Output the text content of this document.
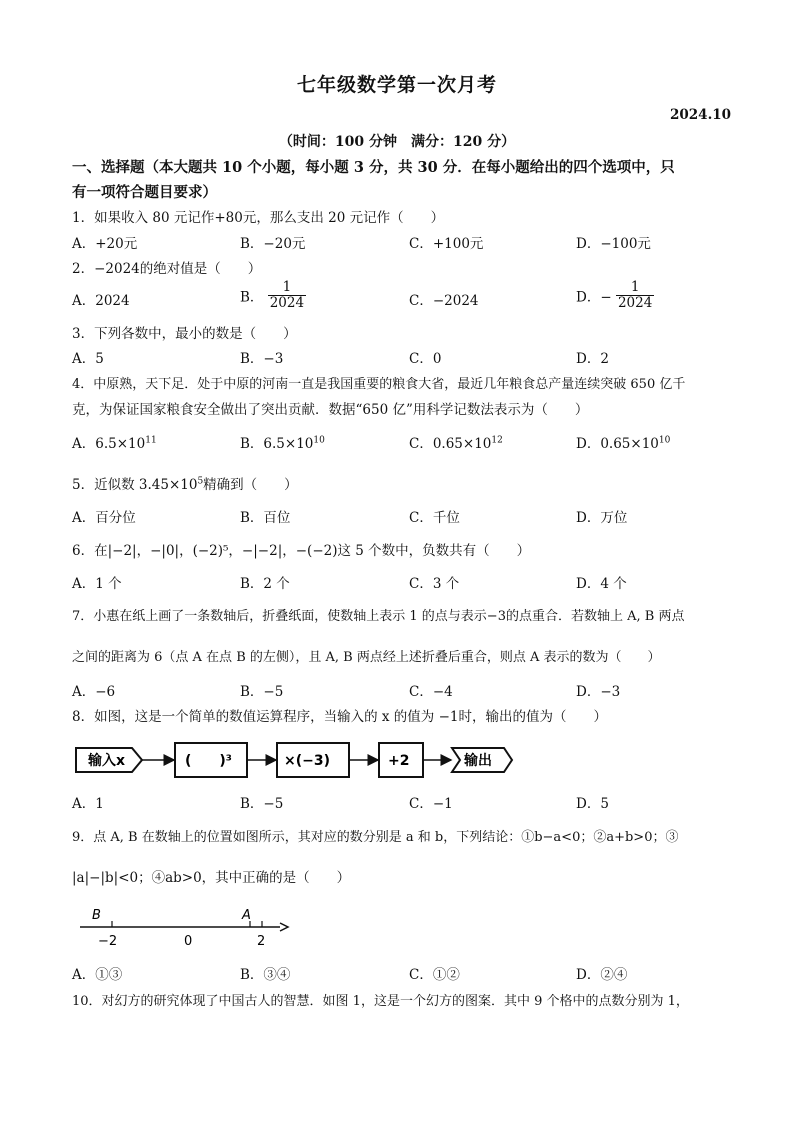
七年级数学第一次月考
2024.10
（时间：100 分钟　满分：120 分）
一、选择题（本大题共 10 个小题，每小题 3 分，共 30 分．在每小题给出的四个选项中，只
有一项符合题目要求）
1．如果收入 80 元记作+80元，那么支出 20 元记作（　　）
A．+20元	B．−20元	C．+100元	D．−100元
2．−2024的绝对值是（　　）
A．2024	B． $\frac{1}{2024}$	C．−2024	D．− $\frac{1}{2024}$
3．下列各数中，最小的数是（　　）
A．5	B．−3	C．0	D．2
4．中原熟，天下足．处于中原的河南一直是我国重要的粮食大省，最近几年粮食总产量连续突破 650 亿千
克，为保证国家粮食安全做出了突出贡献．数据“650 亿”用科学记数法表示为（　　）
A．$6.5\times 10^{11}$	B．$6.5\times 10^{10}$	C．$0.65\times 10^{12}$	D．$0.65\times 10^{10}$
5．近似数 $3.45\times 10^5$精确到（　　）
A．百分位	B．百位	C．千位	D．万位
6．在|−2|，−|0|，(−2)⁵，−|−2|，−(−2)这 5 个数中，负数共有（　　）
A．1 个	B．2 个	C．3 个	D．4 个
7．小惠在纸上画了一条数轴后，折叠纸面，使数轴上表示 1 的点与表示−3的点重合．若数轴上 A, B 两点
之间的距离为 6（点 A 在点 B 的左侧），且 A, B 两点经上述折叠后重合，则点 A 表示的数为（　　）
A．−6	B．−5	C．−4	D．−3
8．如图，这是一个简单的数值运算程序，当输入的 x 的值为 −1时，输出的值为（　　）
输入x	(　　)³	×(−3)	+2	输出
A．1	B．−5	C．−1	D．5
9．点 A, B 在数轴上的位置如图所示，其对应的数分别是 a 和 b，下列结论：①b−a<0；②a+b>0；③
|a|−|b|<0；④ab>0，其中正确的是（　　）
B	A
−2	0	2
A．①③	B．③④	C．①②	D．②④
10．对幻方的研究体现了中国古人的智慧．如图 1，这是一个幻方的图案．其中 9 个格中的点数分别为 1，
